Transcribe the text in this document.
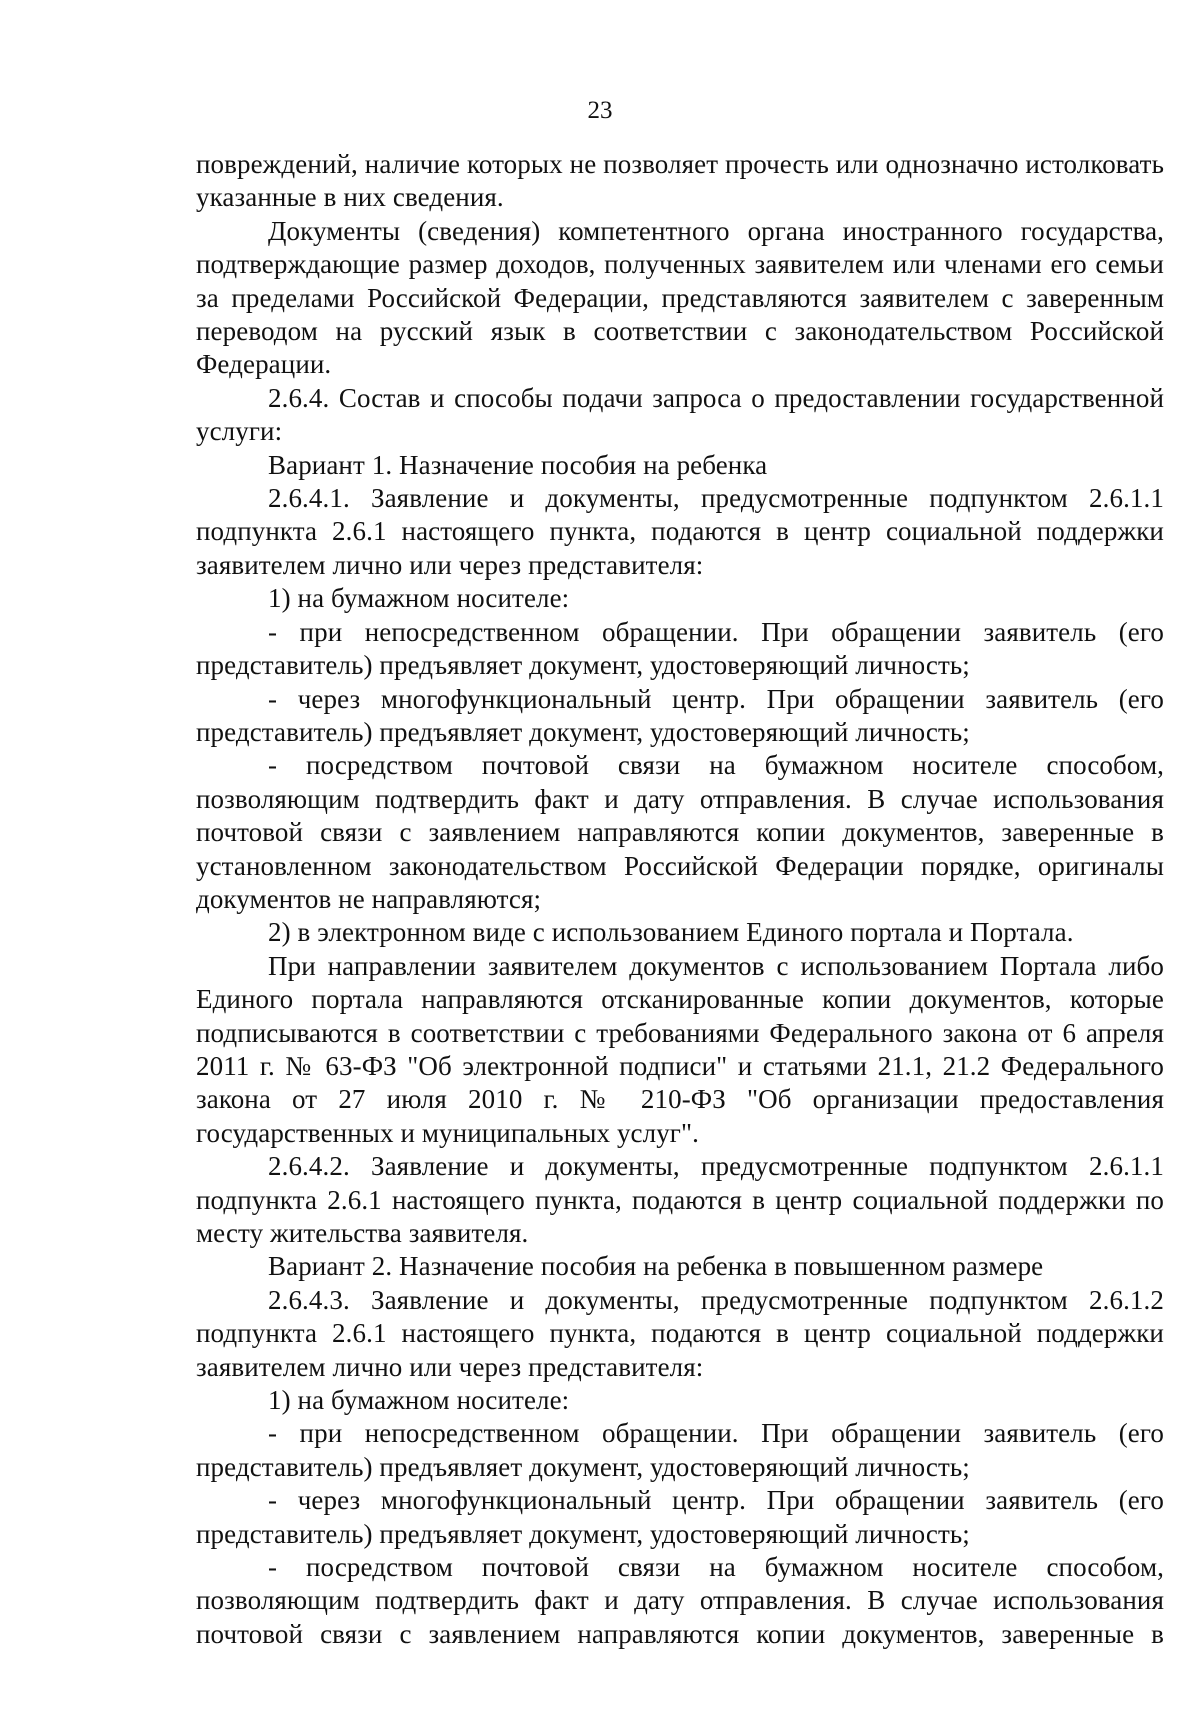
23

повреждений, наличие которых не позволяет прочесть или однозначно истолковать указанные в них сведения.

Документы (сведения) компетентного органа иностранного государства, подтверждающие размер доходов, полученных заявителем или членами его семьи за пределами Российской Федерации, представляются заявителем с заверенным переводом на русский язык в соответствии с законодательством Российской Федерации.

2.6.4. Состав и способы подачи запроса о предоставлении государственной услуги:

Вариант 1. Назначение пособия на ребенка

2.6.4.1. Заявление и документы, предусмотренные подпунктом 2.6.1.1 подпункта 2.6.1 настоящего пункта, подаются в центр социальной поддержки заявителем лично или через представителя:

1) на бумажном носителе:

- при непосредственном обращении. При обращении заявитель (его представитель) предъявляет документ, удостоверяющий личность;

- через многофункциональный центр. При обращении заявитель (его представитель) предъявляет документ, удостоверяющий личность;

- посредством почтовой связи на бумажном носителе способом, позволяющим подтвердить факт и дату отправления. В случае использования почтовой связи с заявлением направляются копии документов, заверенные в установленном законодательством Российской Федерации порядке, оригиналы документов не направляются;

2) в электронном виде с использованием Единого портала и Портала.

При направлении заявителем документов с использованием Портала либо Единого портала направляются отсканированные копии документов, которые подписываются в соответствии с требованиями Федерального закона от 6 апреля 2011 г. № 63-ФЗ "Об электронной подписи" и статьями 21.1, 21.2 Федерального закона от 27 июля 2010 г. № 210-ФЗ "Об организации предоставления государственных и муниципальных услуг".

2.6.4.2. Заявление и документы, предусмотренные подпунктом 2.6.1.1 подпункта 2.6.1 настоящего пункта, подаются в центр социальной поддержки по месту жительства заявителя.

Вариант 2. Назначение пособия на ребенка в повышенном размере

2.6.4.3. Заявление и документы, предусмотренные подпунктом 2.6.1.2 подпункта 2.6.1 настоящего пункта, подаются в центр социальной поддержки заявителем лично или через представителя:

1) на бумажном носителе:

- при непосредственном обращении. При обращении заявитель (его представитель) предъявляет документ, удостоверяющий личность;

- через многофункциональный центр. При обращении заявитель (его представитель) предъявляет документ, удостоверяющий личность;

- посредством почтовой связи на бумажном носителе способом, позволяющим подтвердить факт и дату отправления. В случае использования почтовой связи с заявлением направляются копии документов, заверенные в
